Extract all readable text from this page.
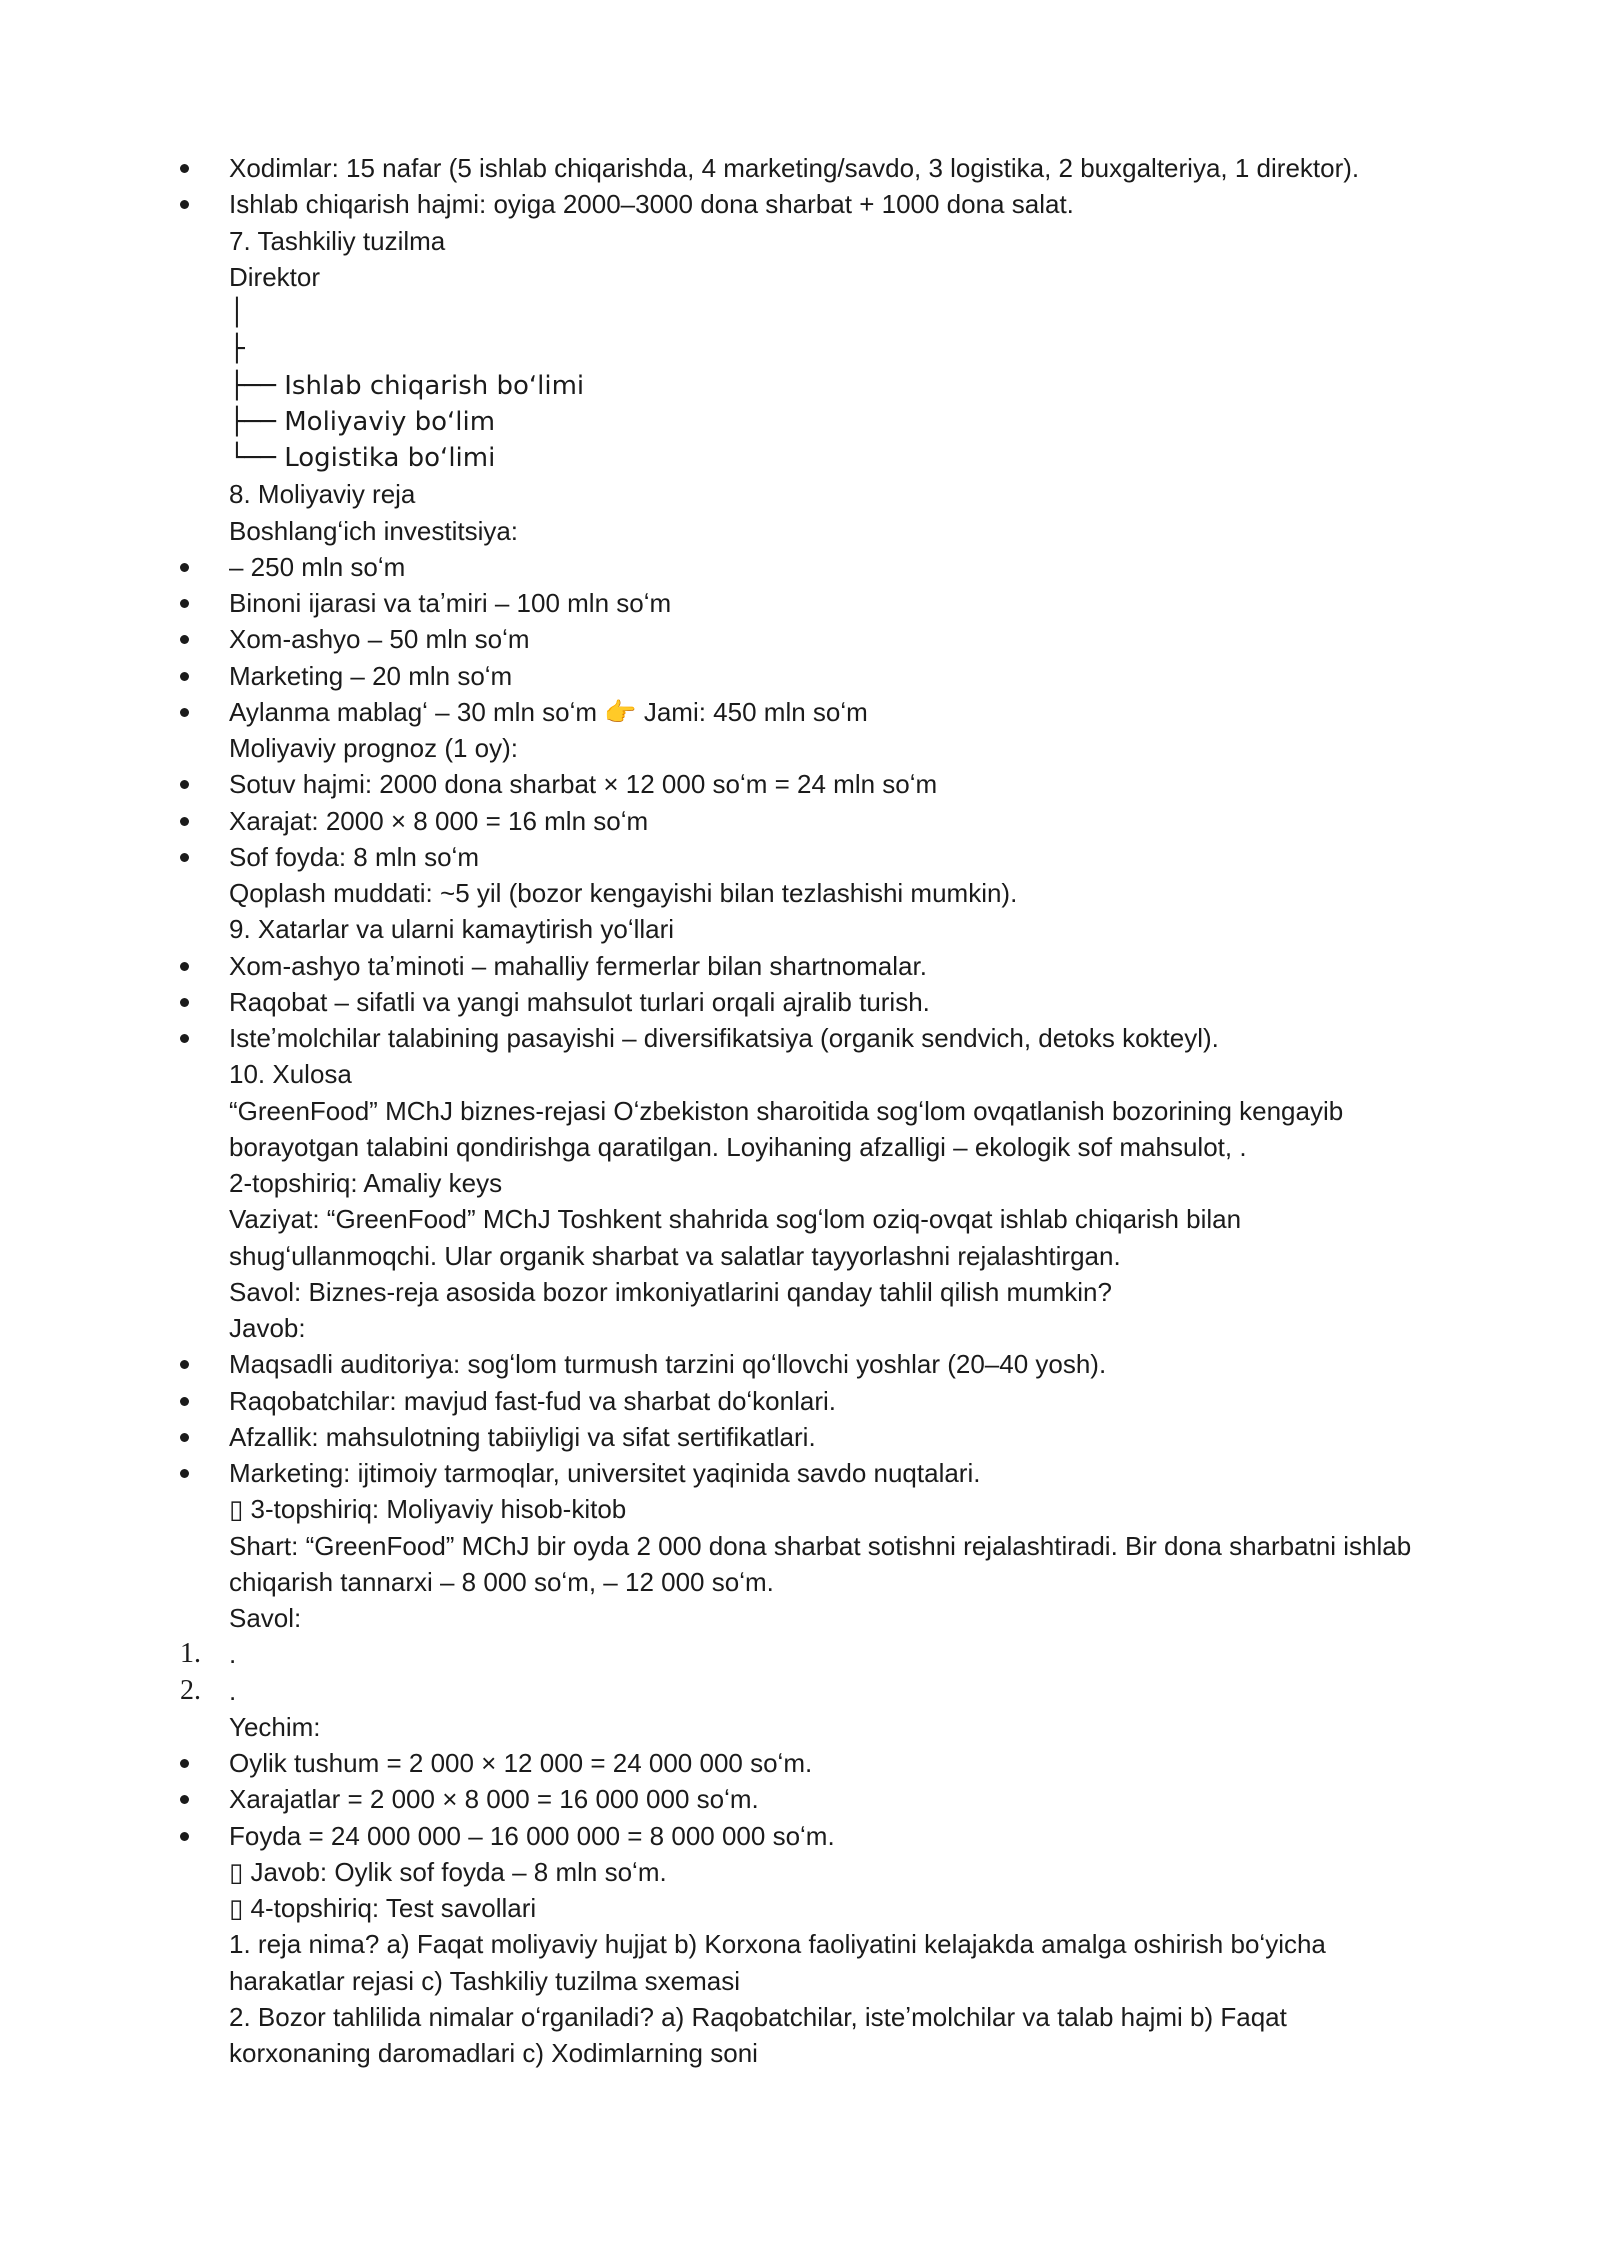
Xodimlar: 15 nafar (5 ishlab chiqarishda, 4 marketing/savdo, 3 logistika, 2 buxgalteriya, 1 direktor).
Ishlab chiqarish hajmi: oyiga 2000–3000 dona sharbat + 1000 dona salat.
7. Tashkiliy tuzilma
Direktor
│
├
├── Ishlab chiqarish boʻlimi
├── Moliyaviy boʻlim
└── Logistika boʻlimi
8. Moliyaviy reja
Boshlangʻich investitsiya:
– 250 mln soʻm
Binoni ijarasi va taʼmiri – 100 mln soʻm
Xom-ashyo – 50 mln soʻm
Marketing – 20 mln soʻm
Aylanma mablagʻ – 30 mln soʻm 👉 Jami: 450 mln soʻm
Moliyaviy prognoz (1 oy):
Sotuv hajmi: 2000 dona sharbat × 12 000 soʻm = 24 mln soʻm
Xarajat: 2000 × 8 000 = 16 mln soʻm
Sof foyda: 8 mln soʻm
Qoplash muddati: ~5 yil (bozor kengayishi bilan tezlashishi mumkin).
9. Xatarlar va ularni kamaytirish yoʻllari
Xom-ashyo taʼminoti – mahalliy fermerlar bilan shartnomalar.
Raqobat – sifatli va yangi mahsulot turlari orqali ajralib turish.
Isteʼmolchilar talabining pasayishi – diversifikatsiya (organik sendvich, detoks kokteyl).
10. Xulosa
“GreenFood” MChJ biznes-rejasi Oʻzbekiston sharoitida sogʻlom ovqatlanish bozorining kengayib
borayotgan talabini qondirishga qaratilgan. Loyihaning afzalligi – ekologik sof mahsulot, .
2-topshiriq: Amaliy keys
Vaziyat: “GreenFood” MChJ Toshkent shahrida sogʻlom oziq-ovqat ishlab chiqarish bilan
shugʻullanmoqchi. Ular organik sharbat va salatlar tayyorlashni rejalashtirgan.
Savol: Biznes-reja asosida bozor imkoniyatlarini qanday tahlil qilish mumkin?
Javob:
Maqsadli auditoriya: sogʻlom turmush tarzini qoʻllovchi yoshlar (20–40 yosh).
Raqobatchilar: mavjud fast-fud va sharbat doʻkonlari.
Afzallik: mahsulotning tabiiyligi va sifat sertifikatlari.
Marketing: ijtimoiy tarmoqlar, universitet yaqinida savdo nuqtalari.
▯ 3-topshiriq: Moliyaviy hisob-kitob
Shart: “GreenFood” MChJ bir oyda 2 000 dona sharbat sotishni rejalashtiradi. Bir dona sharbatni ishlab
chiqarish tannarxi – 8 000 soʻm, – 12 000 soʻm.
Savol:
1. .
2. .
Yechim:
Oylik tushum = 2 000 × 12 000 = 24 000 000 soʻm.
Xarajatlar = 2 000 × 8 000 = 16 000 000 soʻm.
Foyda = 24 000 000 – 16 000 000 = 8 000 000 soʻm.
▯ Javob: Oylik sof foyda – 8 mln soʻm.
▯ 4-topshiriq: Test savollari
1. reja nima? a) Faqat moliyaviy hujjat b) Korxona faoliyatini kelajakda amalga oshirish boʻyicha
harakatlar rejasi c) Tashkiliy tuzilma sxemasi
2. Bozor tahlilida nimalar oʻrganiladi? a) Raqobatchilar, isteʼmolchilar va talab hajmi b) Faqat
korxonaning daromadlari c) Xodimlarning soni
